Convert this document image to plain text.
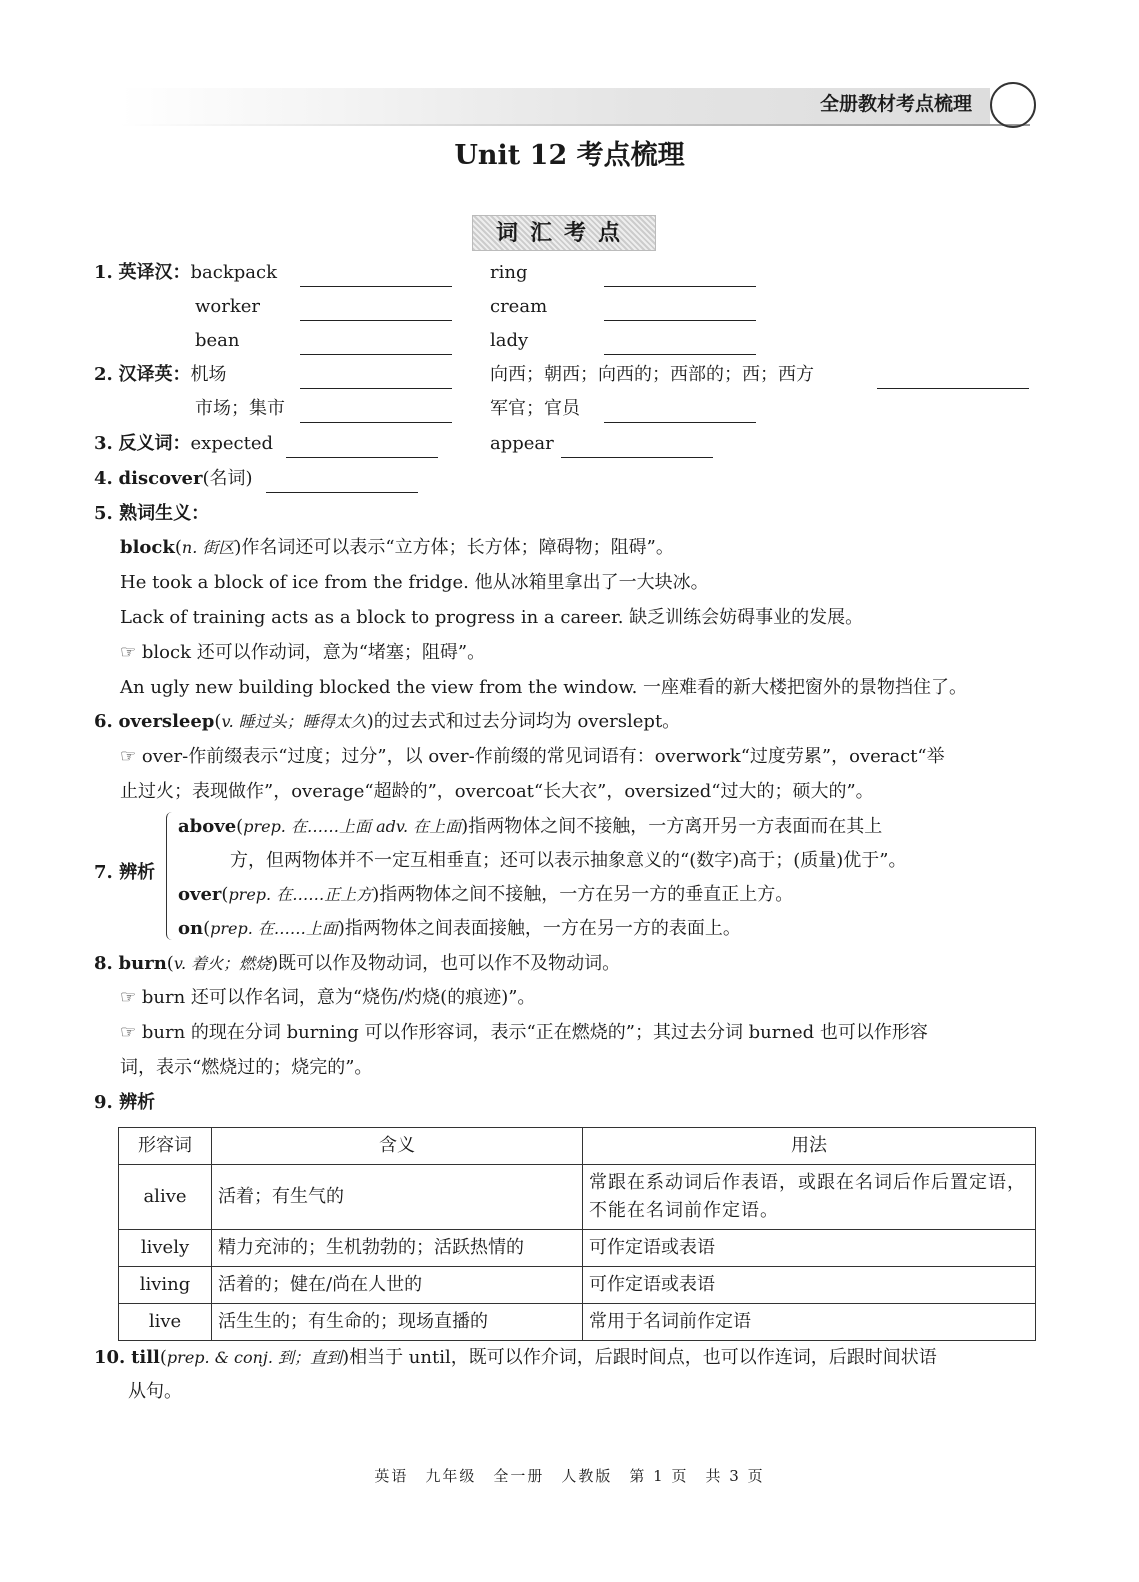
全册教材考点梳理
Unit 12 考点梳理
词汇考点
1. 英译汉：backpack	ring
worker	cream
bean	lady
2. 汉译英：机场	向西；朝西；向西的；西部的；西；西方
市场；集市	军官；官员
3. 反义词：expected	appear
4. discover(名词)
5. 熟词生义：
block(n. 街区)作名词还可以表示“立方体；长方体；障碍物；阻碍”。
He took a block of ice from the fridge. 他从冰箱里拿出了一大块冰。
Lack of training acts as a block to progress in a career. 缺乏训练会妨碍事业的发展。
☞ block 还可以作动词，意为“堵塞；阻碍”。
An ugly new building blocked the view from the window. 一座难看的新大楼把窗外的景物挡住了。
6. oversleep(v. 睡过头；睡得太久)的过去式和过去分词均为 overslept。
☞ over-作前缀表示“过度；过分”，以 over-作前缀的常见词语有：overwork“过度劳累”，overact“举
止过火；表现做作”，overage“超龄的”，overcoat“长大衣”，oversized“过大的；硕大的”。
7. 辨析
above(prep. 在……上面 adv. 在上面)指两物体之间不接触，一方离开另一方表面而在其上
方，但两物体并不一定互相垂直；还可以表示抽象意义的“(数字)高于；(质量)优于”。
over(prep. 在……正上方)指两物体之间不接触，一方在另一方的垂直正上方。
on(prep. 在……上面)指两物体之间表面接触，一方在另一方的表面上。
8. burn(v. 着火；燃烧)既可以作及物动词，也可以作不及物动词。
☞ burn 还可以作名词，意为“烧伤/灼烧(的痕迹)”。
☞ burn 的现在分词 burning 可以作形容词，表示“正在燃烧的”；其过去分词 burned 也可以作形容
词，表示“燃烧过的；烧完的”。
9. 辨析
形容词	含义	用法
alive	活着；有生气的	常跟在系动词后作表语，或跟在名词后作后置定语，不能在名词前作定语。
lively	精力充沛的；生机勃勃的；活跃热情的	可作定语或表语
living	活着的；健在/尚在人世的	可作定语或表语
live	活生生的；有生命的；现场直播的	常用于名词前作定语
10. till(prep. & conj. 到；直到)相当于 until，既可以作介词，后跟时间点，也可以作连词，后跟时间状语
从句。
英语　九年级　全一册　人教版　第 1 页　共 3 页
